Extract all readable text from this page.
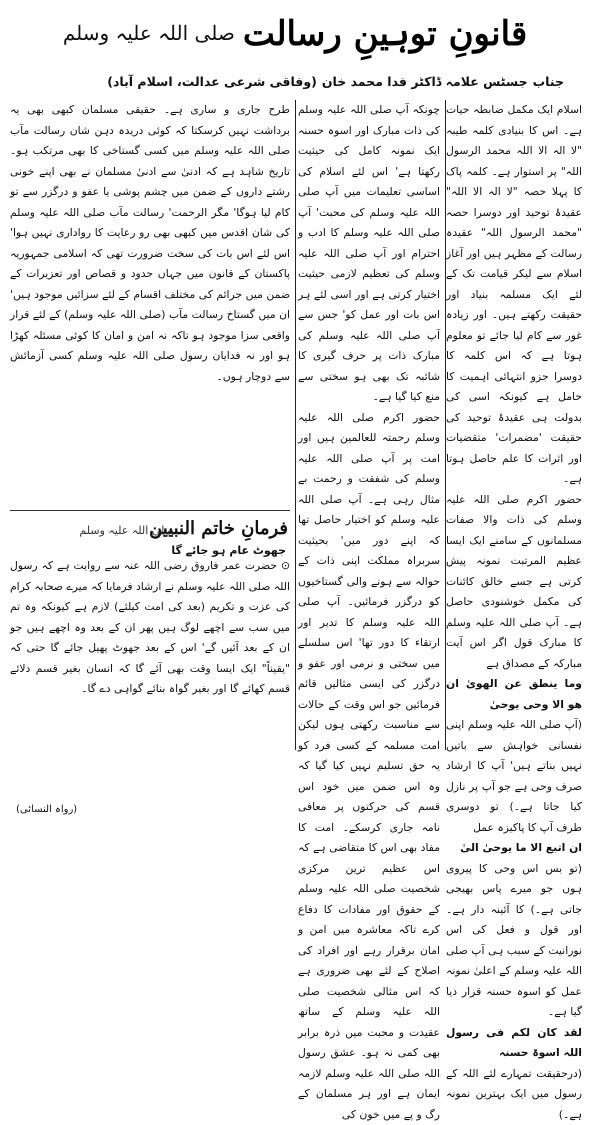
قانونِ توہینِ رسالت
صلی اللہ علیہ وسلم
جناب
جسٹس علامہ ڈاکٹر فدا محمد خان
(وفاقی شرعی عدالت، اسلام آباد)

اسلام ایک مکمل ضابطہ حیات ہے۔ اس کا بنیادی کلمہ طیبہ "لا الہ الا اللہ محمد الرسول اللہ" پر استوار ہے۔ کلمہ پاک کا پہلا حصہ "لا الہ الا اللہ" عقیدۂ توحید اور دوسرا حصہ "محمد الرسول اللہ" عقیدہ رسالت کے مظہر ہیں اور آغاز اسلام سے لیکر قیامت تک کے لئے ایک مسلمہ بنیاد اور حقیقت رکھتے ہیں۔ اور زیادہ غور سے کام لیا جائے تو معلوم ہوتا ہے کہ اس کلمہ کا دوسرا جزو انتہائی اہمیت کا حامل ہے کیونکہ اسی کی بدولت ہی عقیدۂ توحید کی حقیقت 'مضمرات' متقضیات اور اثرات کا علم حاصل ہوتا ہے۔

حضور اکرم صلی اللہ علیہ وسلم کی ذات والا صفات مسلمانوں کے سامنے ایک ایسا عظیم المرتبت نمونہ پیش کرتی ہے جسے خالق کائنات کی مکمل خوشنودی حاصل ہے۔ آپ صلی اللہ علیہ وسلم کا مبارک قول اگر اس آیت مبارکہ کے مصداق ہے

وما ینطق عن الھویٰ ان ھو الا وحی یوحیٰ

(آپ صلی اللہ علیہ وسلم اپنی نفسانی خواہش سے باتیں نہیں بناتے ہیں' آپ کا ارشاد صرف وحی ہے جو آپ پر نازل کیا جاتا ہے۔) تو دوسری طرف آپ کا پاکیزہ عمل

ان اتبع الا ما یوحیٰ الیٰ

(تو بس اس وحی کا پیروی ہوں جو میرے پاس بھیجی جاتی ہے۔) کا آئینہ دار ہے۔ اور قول و فعل کی اس نورانیت کے سبب ہی آپ صلی اللہ علیہ وسلم کے اعلیٰ نمونہ عمل کو اسوہ حسنہ قرار دیا گیا ہے۔

لقد کان لکم فی رسول اللہ اسوۃ حسنہ

(درحقیقت تمہارے لئے اللہ کے رسول میں ایک بہترین نمونہ ہے۔)

چونکہ آپ صلی اللہ علیہ وسلم کی ذات مبارک اور اسوہ حسنہ ایک نمونہ کامل کی حیثیت رکھتا ہے' اس لئے اسلام کی اساسی تعلیمات میں آپ صلی اللہ علیہ وسلم کی محبت' آپ صلی اللہ علیہ وسلم کا ادب و احترام اور آپ صلی اللہ علیہ وسلم کی تعظیم لازمی حیثیت اختیار کرتی ہے اور اسی لئے ہر اس بات اور عمل کو' جس سے آپ صلی اللہ علیہ وسلم کی مبارک ذات پر حرف گیری کا شائبہ تک بھی ہو سختی سے منع کیا گیا ہے۔

حضور اکرم صلی اللہ علیہ وسلم رحمتہ للعالمین ہیں اور امت پر آپ صلی اللہ علیہ وسلم کی شفقت و رحمت بے مثال رہی ہے۔ آپ صلی اللہ علیہ وسلم کو اختیار حاصل تھا کہ اپنے دور میں' بحیثیت سربراہ مملکت اپنی ذات کے حوالہ سے ہونے والی گستاخیوں کو درگزر فرمائیں۔ آپ صلی اللہ علیہ وسلم کا تدبر اور ارتقاء کا دور تھا' اس سلسلے میں سختی و نرمی اور عفو و درگزر کی ایسی مثالیں قائم فرمائیں جو اس وقت کے حالات سے مناسبت رکھتی ہوں لیکن امت مسلمہ کے کسی فرد کو یہ حق تسلیم نہیں کیا گیا کہ وہ اس ضمن میں خود اس قسم کی حرکتوں پر معافی نامہ جاری کرسکے۔ امت کا مفاد بھی اس کا متقاضی ہے کہ اس عظیم ترین مرکزی شخصیت صلی اللہ علیہ وسلم کے حقوق اور مفادات کا دفاع کرے تاکہ معاشرہ میں امن و امان برقرار رہے اور افراد کی اصلاح کے لئے بھی ضروری ہے کہ اس مثالی شخصیت صلی اللہ علیہ وسلم کے ساتھ عقیدت و محبت میں ذرہ برابر بھی کمی نہ ہو۔ عشق رسول اللہ صلی اللہ علیہ وسلم لازمہ ایمان ہے اور ہر مسلمان کے رگ و پے میں خون کی

طرح جاری و ساری ہے۔ حقیقی مسلمان کبھی بھی یہ برداشت نہیں کرسکتا کہ کوئی دریدہ دہن شان رسالت مآب صلی اللہ علیہ وسلم میں کسی گستاخی کا بھی مرتکب ہو۔ تاریخ شاہد ہے کہ ادنیٰ سے ادنیٰ مسلمان نے بھی اپنے خونی رشتے داروں کے ضمن میں چشم پوشی یا عفو و درگزر سے تو کام لیا ہوگا' مگر الرحمت' رسالت مآب صلی اللہ علیہ وسلم کی شان اقدس میں کبھی بھی رو رعایت کا رواداری نہیں ہوا' اس لئے اس بات کی سخت ضرورت تھی کہ اسلامی جمہوریہ پاکستان کے قانون میں جہاں حدود و قصاص اور تعزیرات کے ضمن میں جرائم کی مختلف اقسام کے لئے سزائیں موجود ہیں' ان میں گستاخ رسالت مآب (صلی اللہ علیہ وسلم) کے لئے قرار واقعی سزا موجود ہو تاکہ نہ امن و امان کا کوئی مسئلہ کھڑا ہو اور نہ فدایان رسول صلی اللہ علیہ وسلم کسی آزمائش سے دوچار ہوں۔

فرمانِ خاتم النبیین
صلی اللہ علیہ وسلم
جھوٹ عام ہو جائے گا

⊙ حضرت عمر فاروق رضی اللہ عنہ سے روایت ہے کہ رسول اللہ صلی اللہ علیہ وسلم نے ارشاد فرمایا کہ میرے صحابہ کرام کی عزت و تکریم (بعد کی امت کیلئے) لازم ہے کیونکہ وہ تم میں سب سے اچھے لوگ ہیں پھر ان کے بعد وہ اچھے ہیں جو ان کے بعد آئیں گے' اس کے بعد جھوٹ پھیل جائے گا حتی کہ "یقیناً" ایک ایسا وقت بھی آئے گا کہ انسان بغیر قسم دلائے قسم کھائے گا اور بغیر گواہ بنائے گواہی دے گا۔

(رواہ النسائی)
